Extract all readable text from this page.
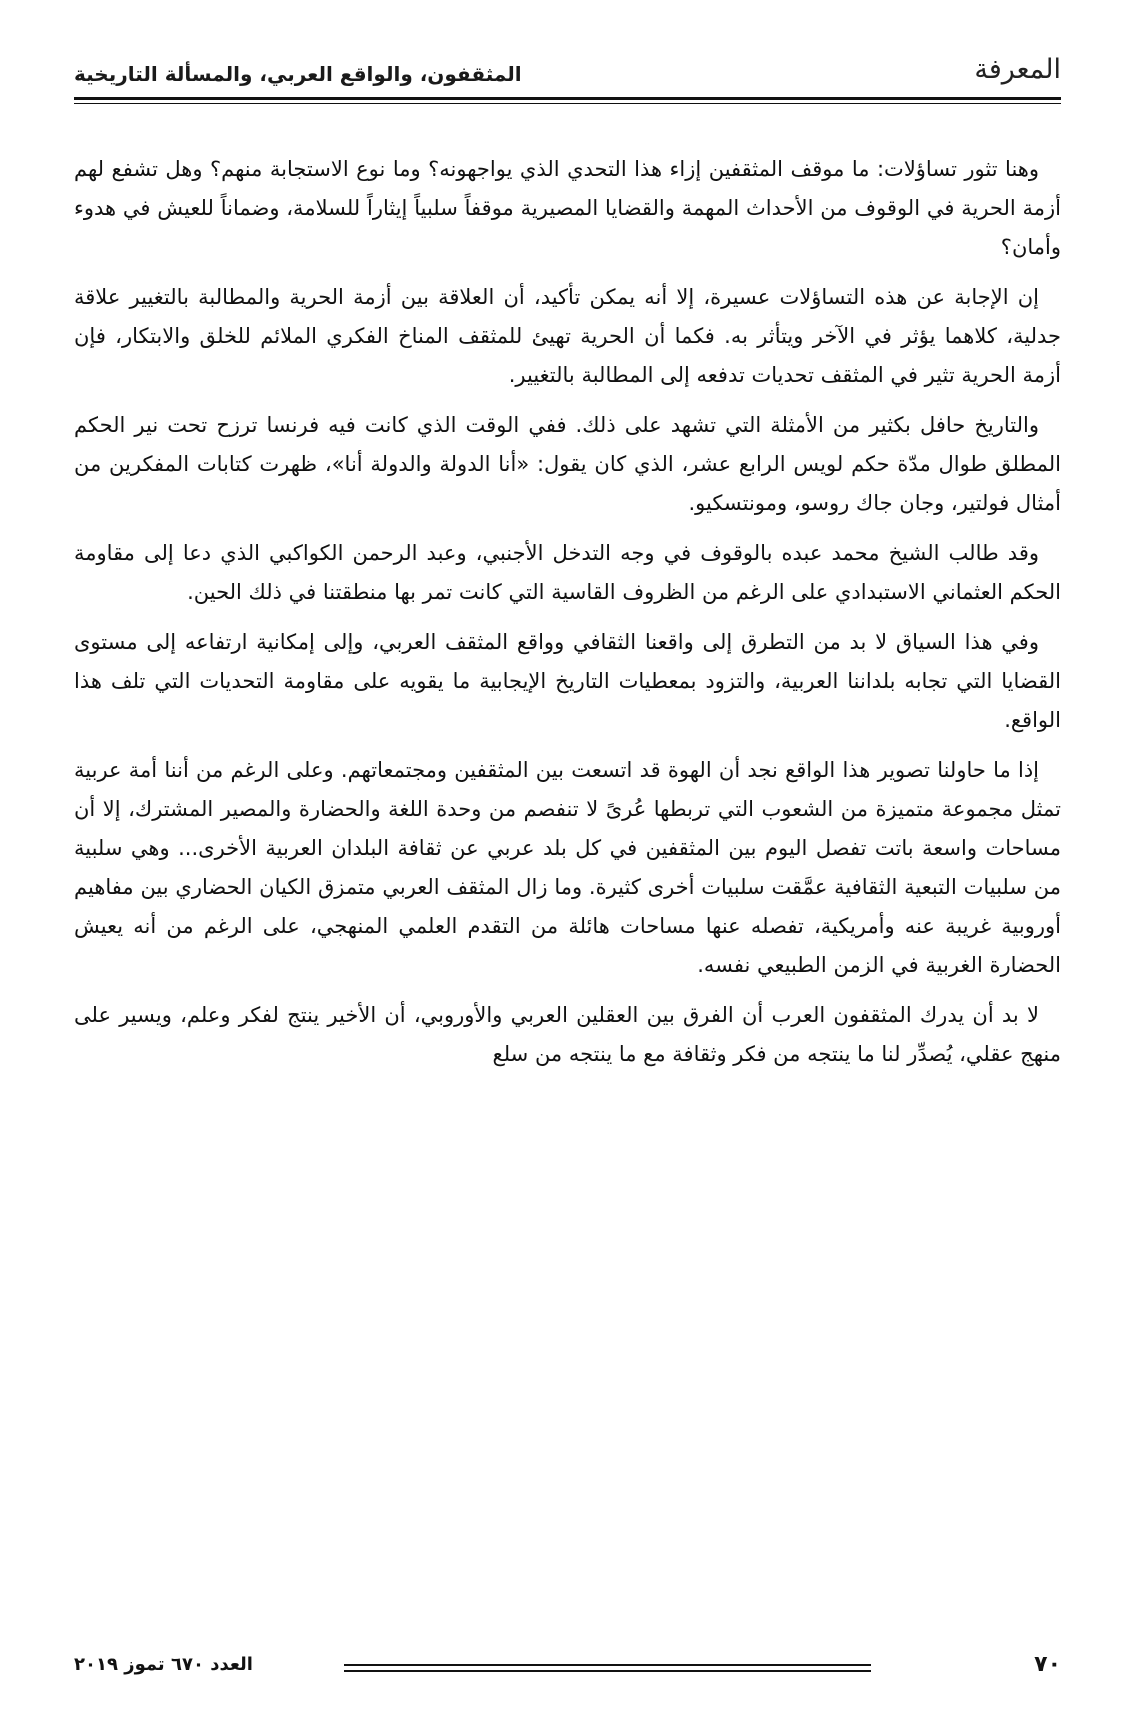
المعرفة
المثقفون، والواقع العربي، والمسألة التاريخية

وهنا تثور تساؤلات: ما موقف المثقفين إزاء هذا التحدي الذي يواجهونه؟ وما نوع الاستجابة منهم؟ وهل تشفع لهم أزمة الحرية في الوقوف من الأحداث المهمة والقضايا المصيرية موقفاً سلبياً إيثاراً للسلامة، وضماناً للعيش في هدوء وأمان؟

إن الإجابة عن هذه التساؤلات عسيرة، إلا أنه يمكن تأكيد، أن العلاقة بين أزمة الحرية والمطالبة بالتغيير علاقة جدلية، كلاهما يؤثر في الآخر ويتأثر به. فكما أن الحرية تهيئ للمثقف المناخ الفكري الملائم للخلق والابتكار، فإن أزمة الحرية تثير في المثقف تحديات تدفعه إلى المطالبة بالتغيير.

والتاريخ حافل بكثير من الأمثلة التي تشهد على ذلك. ففي الوقت الذي كانت فيه فرنسا ترزح تحت نير الحكم المطلق طوال مدّة حكم لويس الرابع عشر، الذي كان يقول: «أنا الدولة والدولة أنا»، ظهرت كتابات المفكرين من أمثال فولتير، وجان جاك روسو، ومونتسكيو.

وقد طالب الشيخ محمد عبده بالوقوف في وجه التدخل الأجنبي، وعبد الرحمن الكواكبي الذي دعا إلى مقاومة الحكم العثماني الاستبدادي على الرغم من الظروف القاسية التي كانت تمر بها منطقتنا في ذلك الحين.

وفي هذا السياق لا بد من التطرق إلى واقعنا الثقافي وواقع المثقف العربي، وإلى إمكانية ارتفاعه إلى مستوى القضايا التي تجابه بلداننا العربية، والتزود بمعطيات التاريخ الإيجابية ما يقويه على مقاومة التحديات التي تلف هذا الواقع.

إذا ما حاولنا تصوير هذا الواقع نجد أن الهوة قد اتسعت بين المثقفين ومجتمعاتهم. وعلى الرغم من أننا أمة عربية تمثل مجموعة متميزة من الشعوب التي تربطها عُرىً لا تنفصم من وحدة اللغة والحضارة والمصير المشترك، إلا أن مساحات واسعة باتت تفصل اليوم بين المثقفين في كل بلد عربي عن ثقافة البلدان العربية الأخرى... وهي سلبية من سلبيات التبعية الثقافية عمَّقت سلبيات أخرى كثيرة. وما زال المثقف العربي متمزق الكيان الحضاري بين مفاهيم أوروبية غريبة عنه وأمريكية، تفصله عنها مساحات هائلة من التقدم العلمي المنهجي، على الرغم من أنه يعيش الحضارة الغربية في الزمن الطبيعي نفسه.

لا بد أن يدرك المثقفون العرب أن الفرق بين العقلين العربي والأوروبي، أن الأخير ينتج لفكر وعلم، ويسير على منهج عقلي، يُصدِّر لنا ما ينتجه من فكر وثقافة مع ما ينتجه من سلع

٧٠
العدد ٦٧٠ تموز ٢٠١٩
